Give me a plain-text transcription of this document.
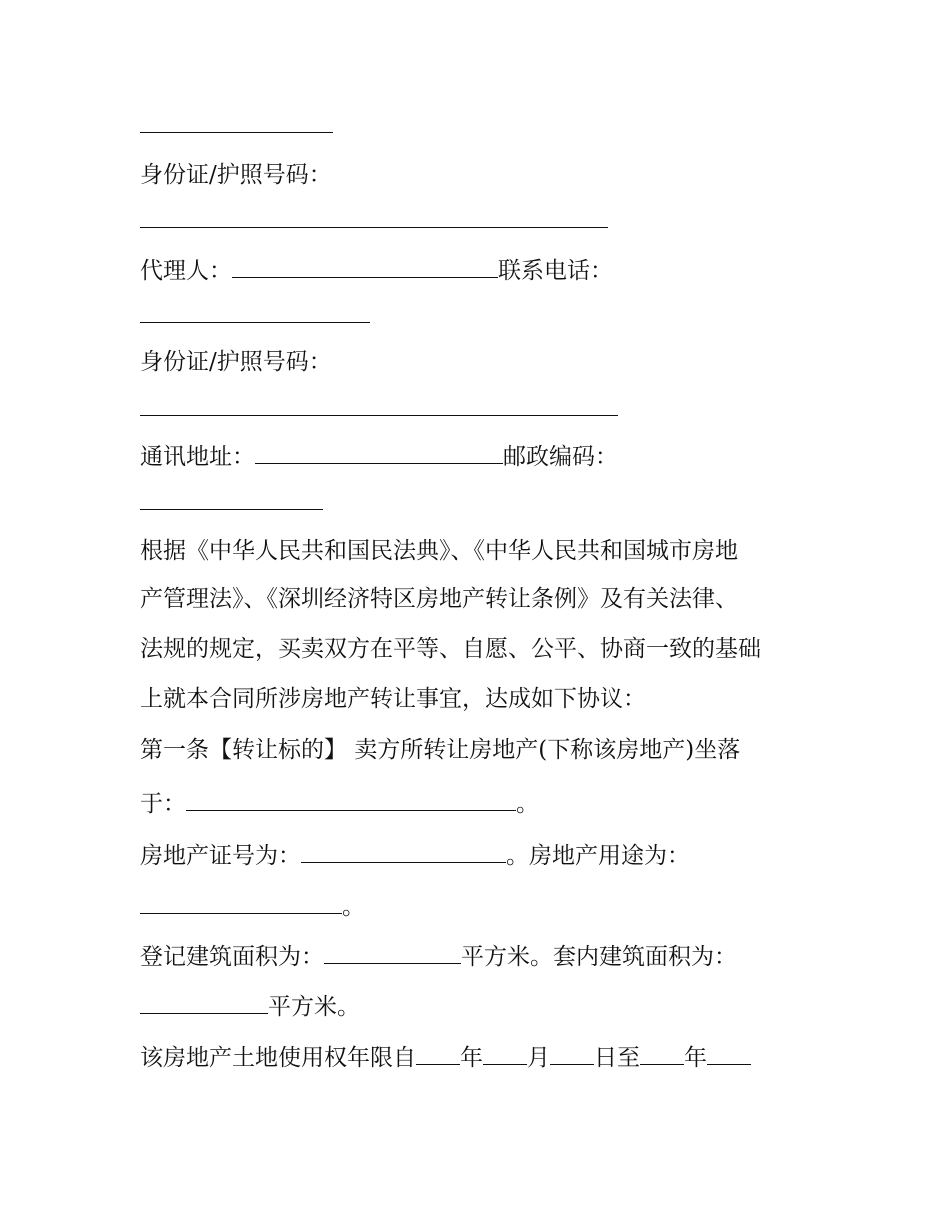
身份证/护照号码：
代理人：	联系电话：
身份证/护照号码：
通讯地址：	邮政编码：
根据《中华人民共和国民法典》、《中华人民共和国城市房地
产管理法》、《深圳经济特区房地产转让条例》及有关法律、
法规的规定，买卖双方在平等、自愿、公平、协商一致的基础
上就本合同所涉房地产转让事宜，达成如下协议：
第一条【转让标的】 卖方所转让房地产(下称该房地产)坐落
于：	。
房地产证号为：	。房地产用途为：
。
登记建筑面积为：	平方米。套内建筑面积为：
平方米。
该房地产土地使用权年限自 年 月 日至 年
